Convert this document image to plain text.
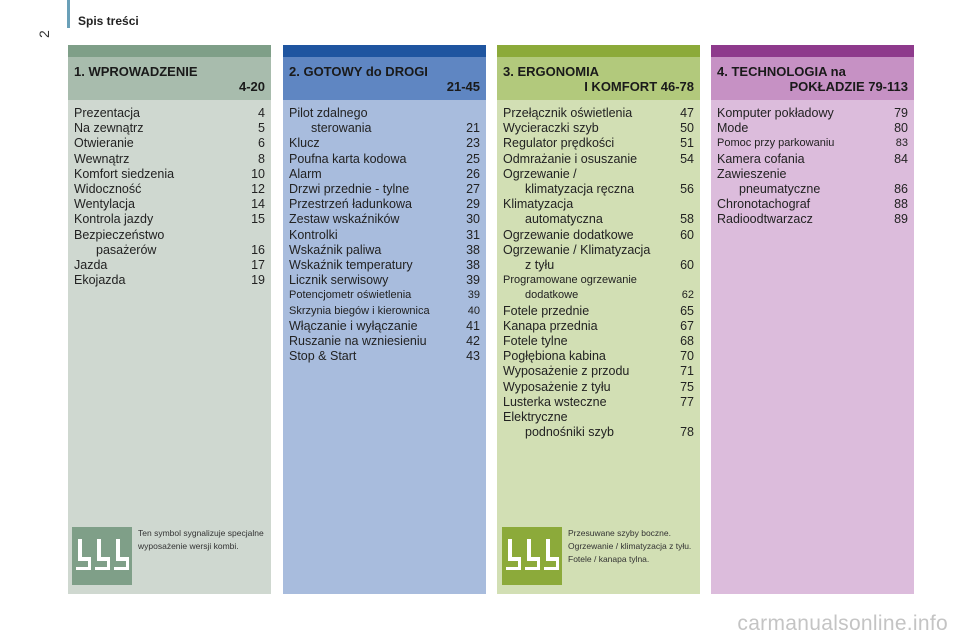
2
Spis treści
1. WPROWADZENIE
4-20
Prezentacja	4
Na zewnątrz	5
Otwieranie	6
Wewnątrz	8
Komfort siedzenia	10
Widoczność	12
Wentylacja	14
Kontrola jazdy	15
Bezpieczeństwo
pasażerów	16
Jazda	17
Ekojazda	19
2. GOTOWY do DROGI
21-45
Pilot zdalnego
sterowania	21
Klucz	23
Poufna karta kodowa	25
Alarm	26
Drzwi przednie - tylne	27
Przestrzeń ładunkowa	29
Zestaw wskaźników	30
Kontrolki	31
Wskaźnik paliwa	38
Wskaźnik temperatury	38
Licznik serwisowy	39
Potencjometr oświetlenia	39
Skrzynia biegów i kierownica	40
Włączanie i wyłączanie	41
Ruszanie na wzniesieniu	42
Stop & Start	43
3. ERGONOMIA
I KOMFORT 46-78
Przełącznik oświetlenia	47
Wycieraczki szyb	50
Regulator prędkości	51
Odmrażanie i osuszanie	54
Ogrzewanie /
klimatyzacja ręczna	56
Klimatyzacja
automatyczna	58
Ogrzewanie dodatkowe	60
Ogrzewanie / Klimatyzacja
z tyłu	60
Programowane ogrzewanie
dodatkowe	62
Fotele przednie	65
Kanapa przednia	67
Fotele tylne	68
Pogłębiona kabina	70
Wyposażenie z przodu	71
Wyposażenie z tyłu	75
Lusterka wsteczne	77
Elektryczne
podnośniki szyb	78
4. TECHNOLOGIA na
POKŁADZIE 79-113
Komputer pokładowy	79
Mode	80
Pomoc przy parkowaniu	83
Kamera cofania	84
Zawieszenie
pneumatyczne	86
Chronotachograf	88
Radioodtwarzacz	89
Ten symbol sygnalizuje specjalne wyposażenie wersji kombi.
Przesuwane szyby boczne. Ogrzewanie / klimatyzacja z tyłu. Fotele / kanapa tylna.
carmanualsonline.info
